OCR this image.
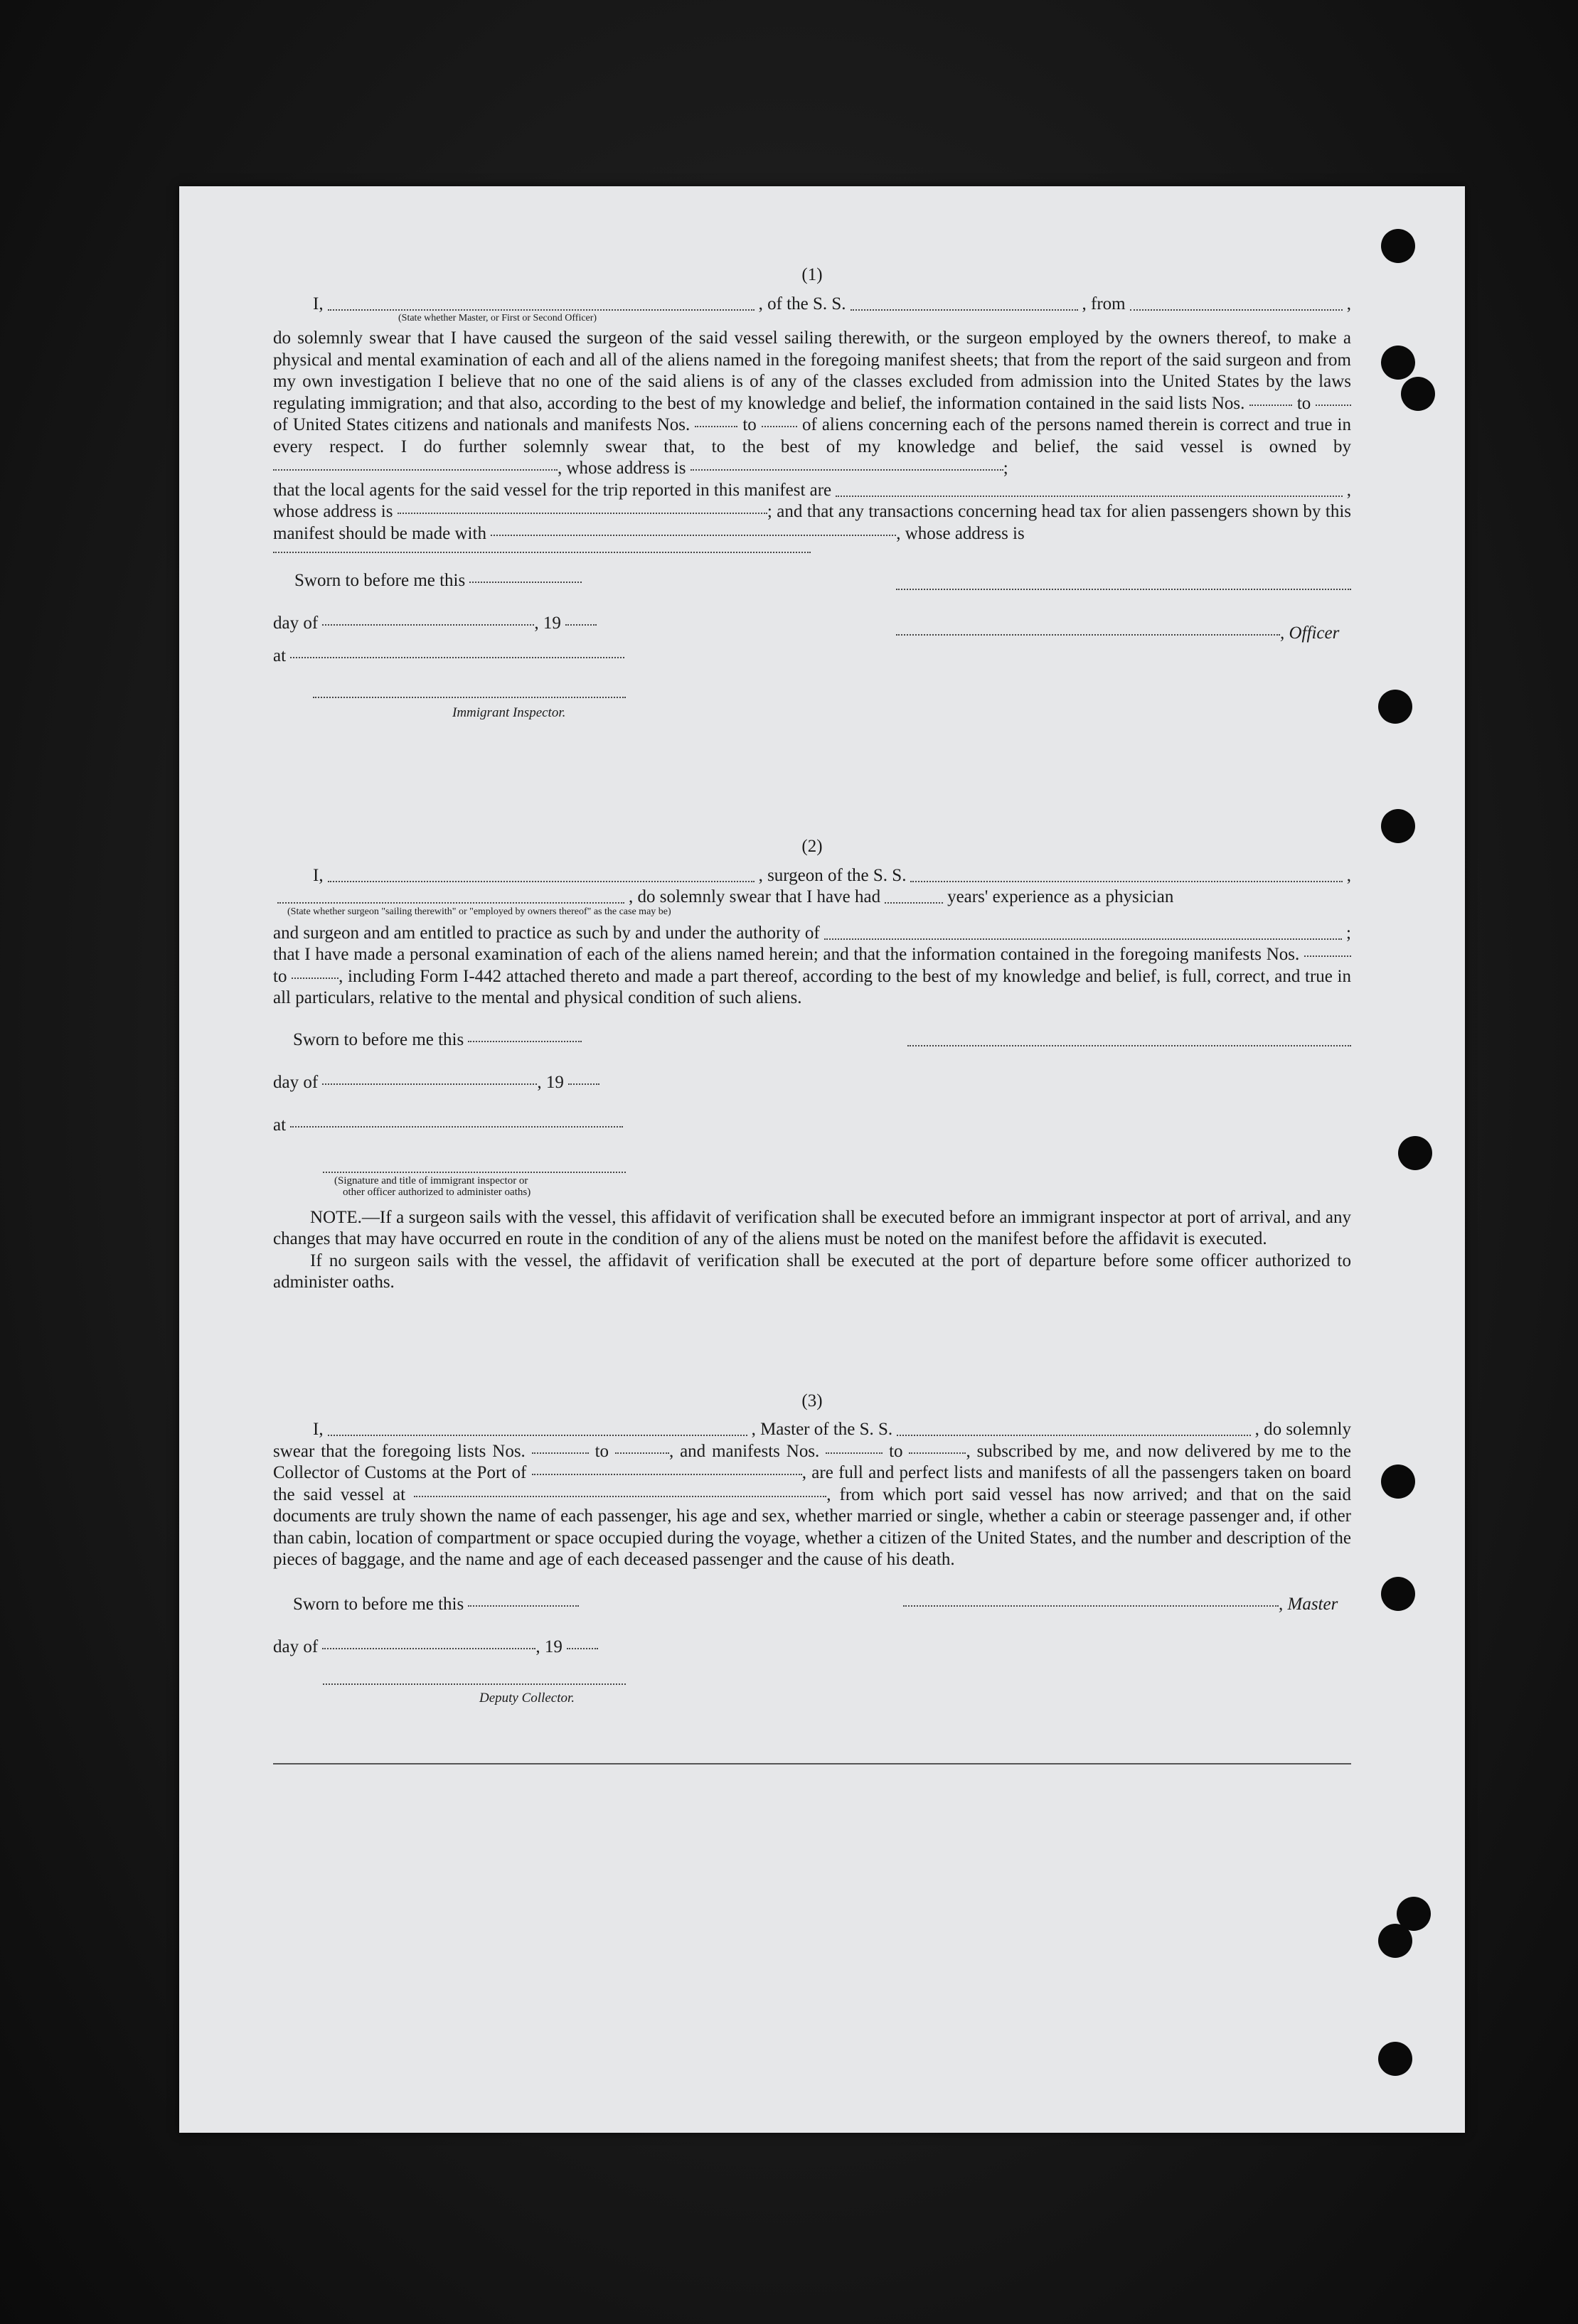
(1)
I,	, of the S. S.	, from	,
(State whether Master, or First or Second Officer)
do solemnly swear that I have caused the surgeon of the said vessel sailing therewith, or the surgeon employed by the owners thereof, to make a physical and mental examination of each and all of the aliens named in the foregoing manifest sheets; that from the report of the said surgeon and from my own investigation I believe that no one of the said aliens is of any of the classes excluded from admission into the United States by the laws regulating immigration; and that also, according to the best of my knowledge and belief, the information contained in the said lists Nos.	to  of United States citizens and nationals and manifests Nos.	to	of aliens concerning each of the persons named therein is correct and true in every respect. I do further solemnly swear that, to the best of my knowledge and belief, the said vessel is owned by , whose address is	;
that the local agents for the said vessel for the trip reported in this manifest are	,
whose address is	; and that any transactions concerning head tax for alien passengers shown by this manifest should be made with	, whose address is
Sworn to before me this
day of	, 19
, Officer
at
Immigrant Inspector.
(2)
I,	, surgeon of the S. S.	,
, do solemnly swear that I have had	years' experience as a physician
(State whether surgeon "sailing therewith" or "employed by owners thereof" as the case may be)
and surgeon and am entitled to practice as such by and under the authority of	;
that I have made a personal examination of each of the aliens named herein; and that the information contained in the foregoing manifests Nos.  to	, including Form I-442 attached thereto and made a part thereof, according to the best of my knowledge and belief, is full, correct, and true in all particulars, relative to the mental and physical condition of such aliens.
Sworn to before me this
day of	, 19
at
(Signature and title of immigrant inspector or
other officer authorized to administer oaths)
NOTE.—If a surgeon sails with the vessel, this affidavit of verification shall be executed before an immigrant inspector at port of arrival, and any changes that may have occurred en route in the condition of any of the aliens must be noted on the manifest before the affidavit is executed.
If no surgeon sails with the vessel, the affidavit of verification shall be executed at the port of departure before some officer authorized to administer oaths.
(3)
I,	, Master of the S. S.	, do solemnly
swear that the foregoing lists Nos.	to	, and manifests Nos.	to	, subscribed by me, and now delivered by me to the Collector of Customs at the Port of	, are full and perfect lists and manifests of all the passengers taken on board the said vessel at	, from which port said vessel has now arrived; and that on the said documents are truly shown the name of each passenger, his age and sex, whether married or single, whether a cabin or steerage passenger and, if other than cabin, location of compartment or space occupied during the voyage, whether a citizen of the United States, and the number and description of the pieces of baggage, and the name and age of each deceased passenger and the cause of his death.
Sworn to before me this	, Master
day of	, 19
Deputy Collector.
